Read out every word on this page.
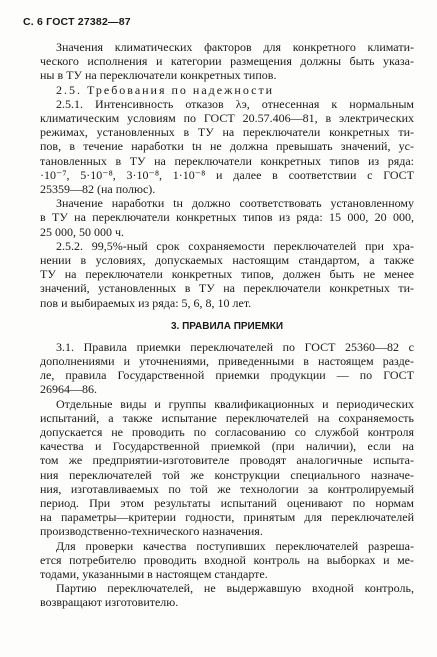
С. 6 ГОСТ 27382—87
Значения климатических факторов для конкретного климати-
ческого исполнения и категории размещения должны быть указа-
ны в ТУ на переключатели конкретных типов.
2.5. Требования по надежности
2.5.1. Интенсивность отказов λэ, отнесенная к нормальным
климатическим условиям по ГОСТ 20.57.406—81, в электрических
режимах, установленных в ТУ на переключатели конкретных ти-
пов, в течение наработки tн не должна превышать значений, ус-
тановленных в ТУ на переключатели конкретных типов из ряда:
·10⁻⁷, 5·10⁻⁸, 3·10⁻⁸, 1·10⁻⁸ и далее в соответствии с ГОСТ
25359—82 (на полюс).
Значение наработки tн должно соответствовать установленному
в ТУ на переключатели конкретных типов из ряда: 15 000, 20 000,
25 000, 50 000 ч.
2.5.2. 99,5%-ный срок сохраняемости переключателей при хра-
нении в условиях, допускаемых настоящим стандартом, а также
ТУ на переключатели конкретных типов, должен быть не менее
значений, установленных в ТУ на переключатели конкретных ти-
пов и выбираемых из ряда: 5, 6, 8, 10 лет.
3. ПРАВИЛА ПРИЕМКИ
3.1. Правила приемки переключателей по ГОСТ 25360—82 с
дополнениями и уточнениями, приведенными в настоящем разде-
ле, правила Государственной приемки продукции — по ГОСТ
26964—86.
Отдельные виды и группы квалификационных и периодических
испытаний, а также испытание переключателей на сохраняемость
допускается не проводить по согласованию со службой контроля
качества и Государственной приемкой (при наличии), если на
том же предприятии-изготовителе проводят аналогичные испыта-
ния переключателей той же конструкции специального назначе-
ния, изготавливаемых по той же технологии за контролируемый
период. При этом результаты испытаний оценивают по нормам
на параметры—критерии годности, принятым для переключателей
производственно-технического назначения.
Для проверки качества поступивших переключателей разреша-
ется потребителю проводить входной контроль на выборках и ме-
тодами, указанными в настоящем стандарте.
Партию переключателей, не выдержавшую входной контроль,
возвращают изготовителю.
